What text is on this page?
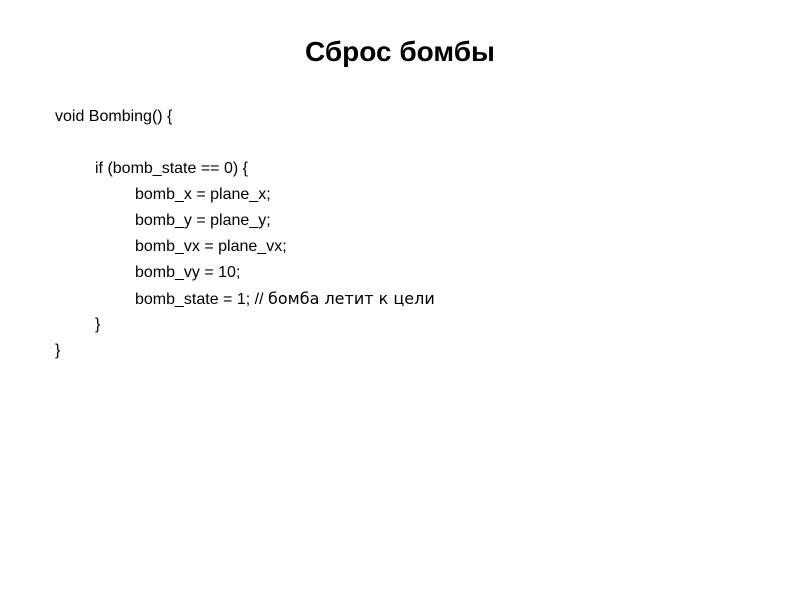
Сброс бомбы
void Bombing() {
if (bomb_state == 0) {
bomb_x = plane_x;
bomb_y = plane_y;
bomb_vx = plane_vx;
bomb_vy = 10;
bomb_state = 1; // бомба летит к цели
}
}
